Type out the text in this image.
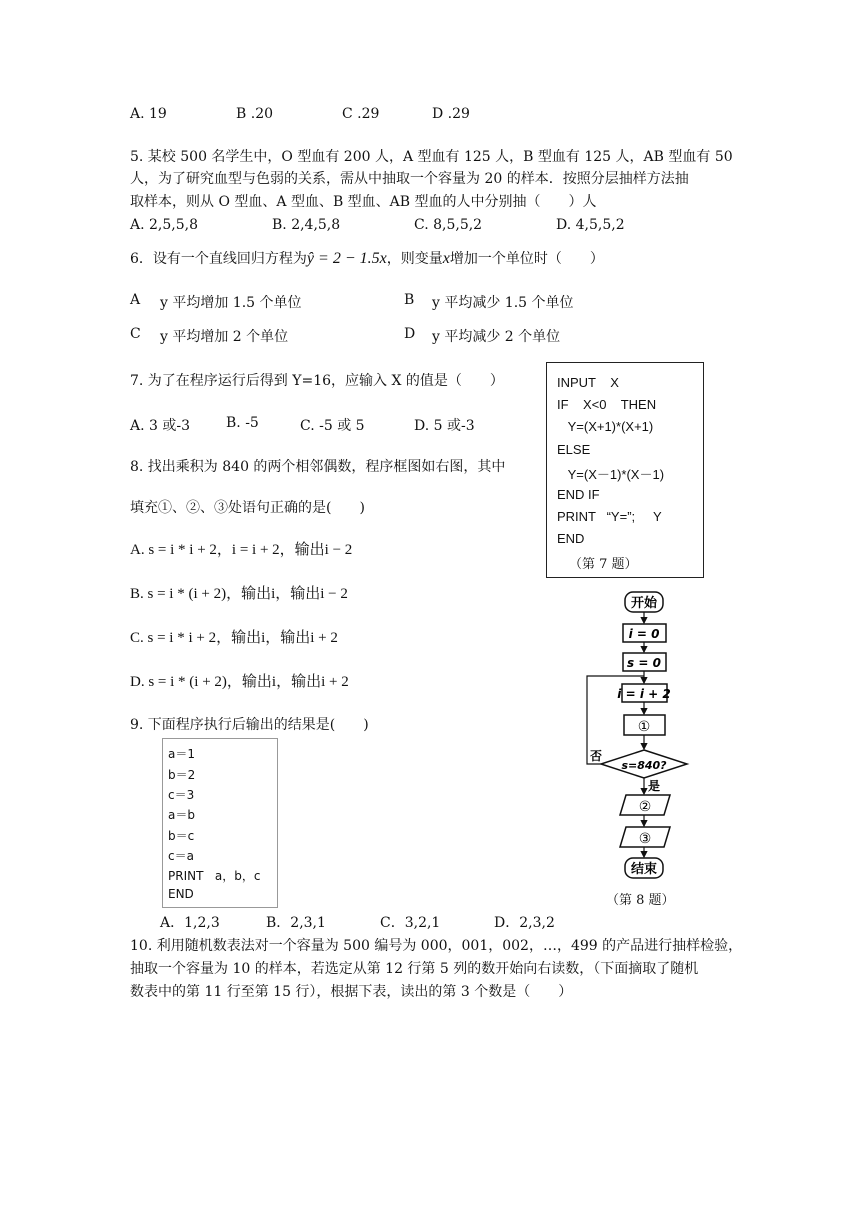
A. 19	B .20	C .29	D .29
5. 某校 500 名学生中，O 型血有 200 人，A 型血有 125 人，B 型血有 125 人，AB 型血有 50
人，为了研究血型与色弱的关系，需从中抽取一个容量为 20 的样本．按照分层抽样方法抽
取样本，则从 O 型血、A 型血、B 型血、AB 型血的人中分别抽（　　）人
A. 2,5,5,8	B. 2,4,5,8	C. 8,5,5,2	D. 4,5,5,2
6．设有一个直线回归方程为ŷ = 2 − 1.5x，则变量x增加一个单位时（　　）
A y 平均增加 1.5 个单位	B y 平均减少 1.5 个单位
C y 平均增加 2 个单位	D y 平均减少 2 个单位
7. 为了在程序运行后得到 Y=16，应输入 X 的值是（　　）
A. 3 或-3	B. -5	C. -5 或 5	D. 5 或-3
INPUT    X
IF    X<0    THEN
Y=(X+1)*(X+1)
ELSE
Y=(X－1)*(X－1)
END IF
PRINT   “Y=”;     Y
END
（第 7 题）
8. 找出乘积为 840 的两个相邻偶数，程序框图如右图，其中
填充①、②、③处语句正确的是(　　)
A. s = i * i + 2，i = i + 2，输出i − 2
B. s = i * (i + 2)，输出i，输出i − 2
C. s = i * i + 2，输出i，输出i + 2
D. s = i * (i + 2)，输出i，输出i + 2
开始
i = 0
s = 0
i = i + 2
①
s=840?
否
是
②
③
结束
（第 8 题）
9. 下面程序执行后输出的结果是(　　)
a＝1
b＝2
c＝3
a＝b
b＝c
c＝a
PRINT   a，b，c
END
A．1,2,3	B．2,3,1	C．3,2,1	D．2,3,2
10. 利用随机数表法对一个容量为 500 编号为 000，001，002，…，499 的产品进行抽样检验，
抽取一个容量为 10 的样本，若选定从第 12 行第 5 列的数开始向右读数，（下面摘取了随机
数表中的第 11 行至第 15 行），根据下表，读出的第 3 个数是（　　）
